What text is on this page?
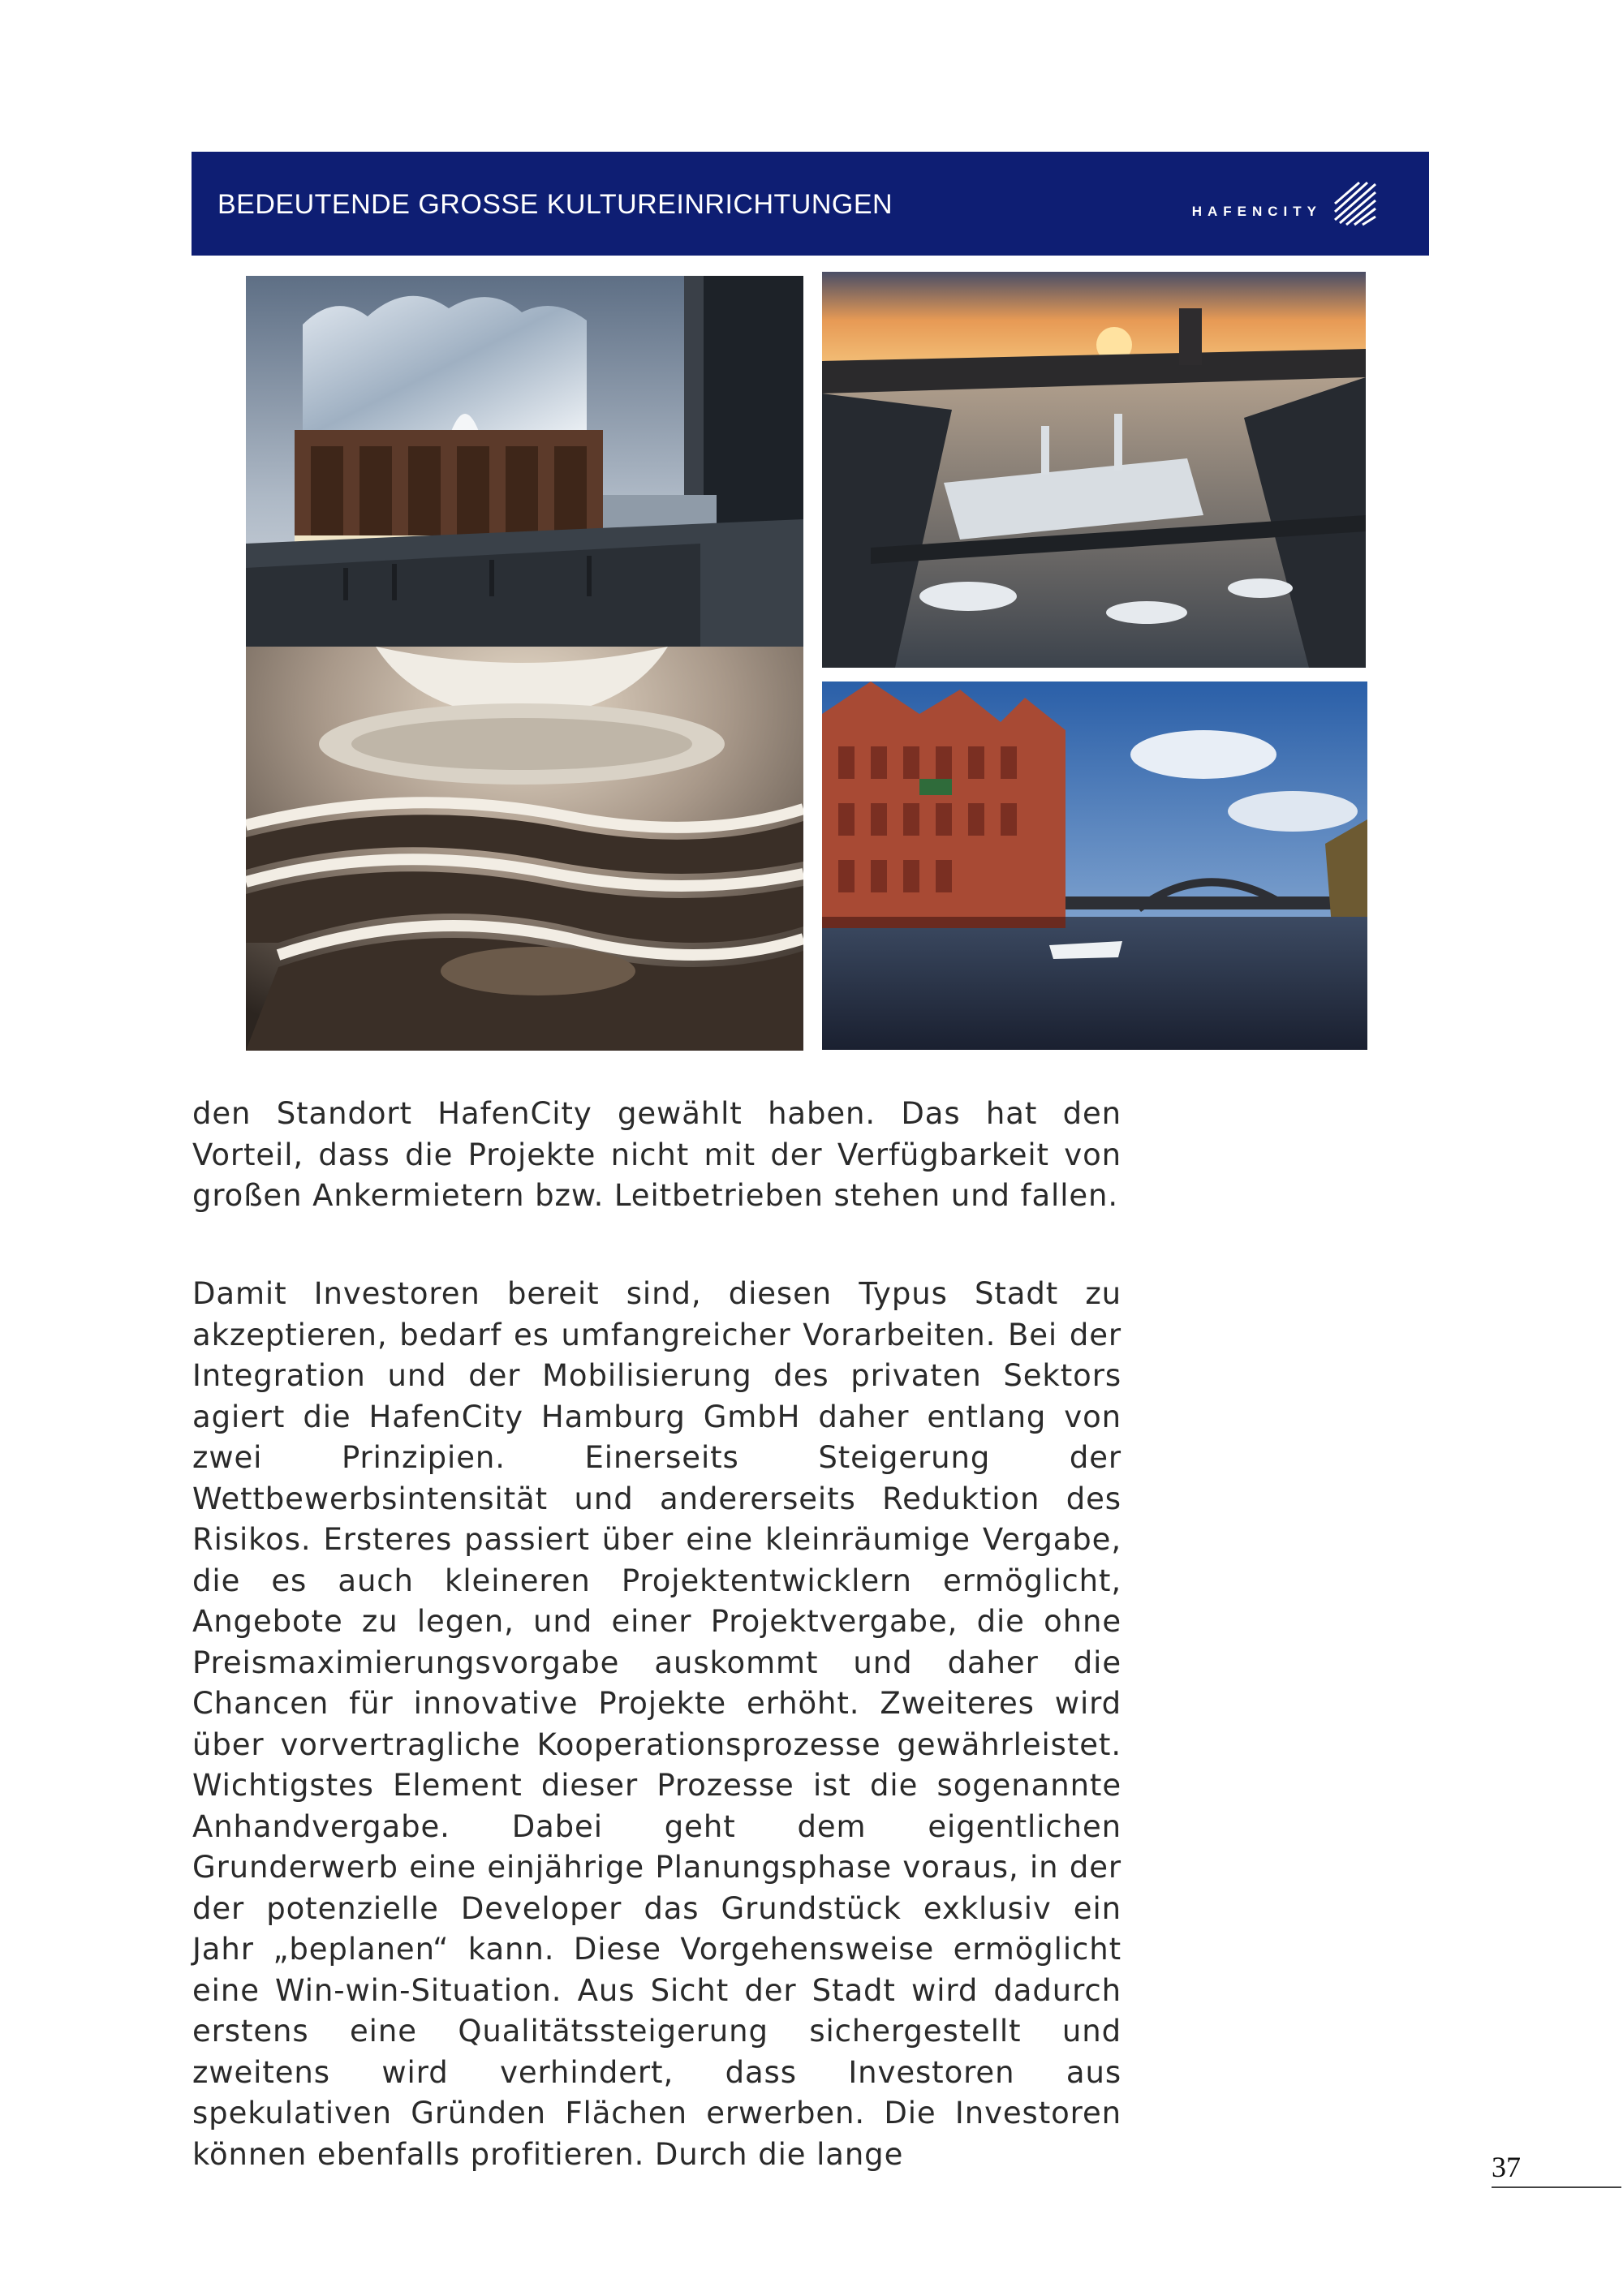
BEDEUTENDE GROSSE KULTUREINRICHTUNGEN	HAFENCITY

den Standort HafenCity gewählt haben. Das hat den Vorteil, dass die Projekte nicht mit der Verfügbarkeit von großen Ankermietern bzw. Leitbetrieben stehen und fallen.

Damit Investoren bereit sind, diesen Typus Stadt zu akzeptieren, bedarf es umfangreicher Vorarbeiten. Bei der Integration und der Mobilisierung des privaten Sektors agiert die HafenCity Hamburg GmbH daher entlang von zwei Prinzipien. Einerseits Steigerung der Wettbewerbsintensität und andererseits Reduktion des Risikos. Ersteres passiert über eine kleinräumige Vergabe, die es auch kleineren Projektentwicklern ermöglicht, Angebote zu legen, und einer Projektvergabe, die ohne Preismaximierungsvorgabe auskommt und daher die Chancen für innovative Projekte erhöht. Zweiteres wird über vorvertragliche Kooperationsprozesse gewährleistet. Wichtigstes Element dieser Prozesse ist die sogenannte Anhandvergabe. Dabei geht dem eigentlichen Grunderwerb eine einjährige Planungsphase voraus, in der der potenzielle Developer das Grundstück exklusiv ein Jahr „beplanen“ kann. Diese Vorgehensweise ermöglicht eine Win-win-Situation. Aus Sicht der Stadt wird dadurch erstens eine Qualitätssteigerung sichergestellt und zweitens wird verhindert, dass Investoren aus spekulativen Gründen Flächen erwerben. Die Investoren können ebenfalls profitieren. Durch die lange	37
